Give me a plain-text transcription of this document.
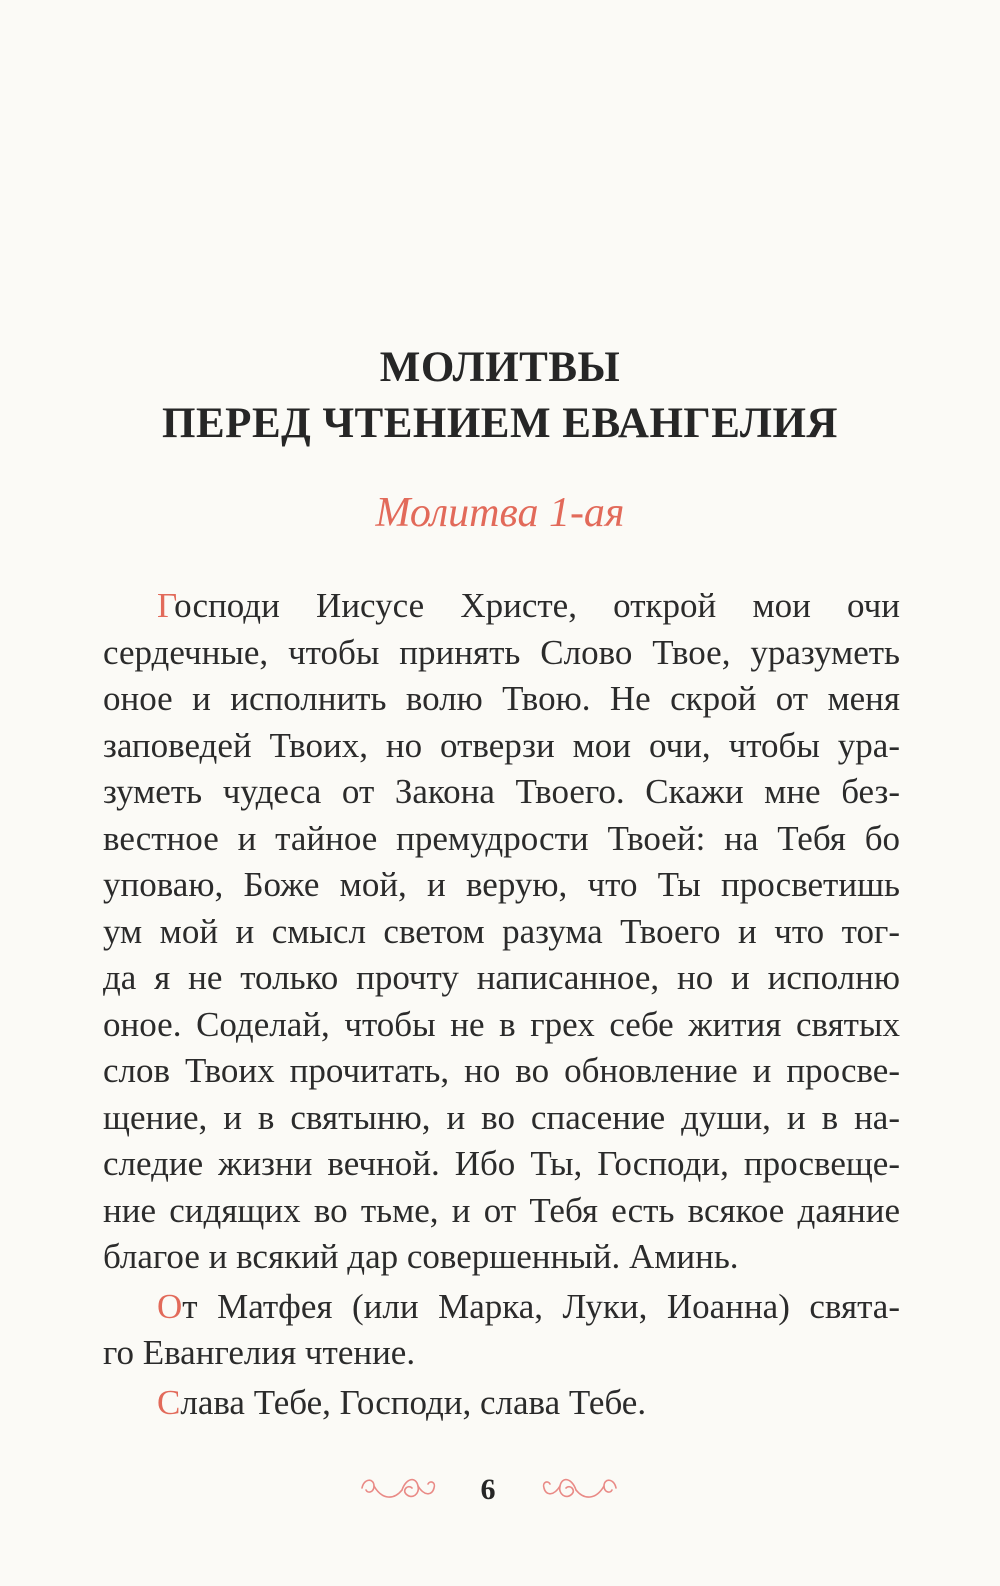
МОЛИТВЫ
ПЕРЕД ЧТЕНИЕМ ЕВАНГЕЛИЯ
Молитва 1-ая
Господи Иисусе Христе, открой мои очи
сердечные, чтобы принять Слово Твое, уразуметь
оное и исполнить волю Твою. Не скрой от меня
заповедей Твоих, но отверзи мои очи, чтобы ура-
зуметь чудеса от Закона Твоего. Скажи мне без-
вестное и тайное премудрости Твоей: на Тебя бо
уповаю, Боже мой, и верую, что Ты просветишь
ум мой и смысл светом разума Твоего и что тог-
да я не только прочту написанное, но и исполню
оное. Соделай, чтобы не в грех себе жития святых
слов Твоих прочитать, но во обновление и просве-
щение, и в святыню, и во спасение души, и в на-
следие жизни вечной. Ибо Ты, Господи, просвеще-
ние сидящих во тьме, и от Тебя есть всякое даяние
благое и всякий дар совершенный. Аминь.
От Матфея (или Марка, Луки, Иоанна) свята-
го Евангелия чтение.
Слава Тебе, Господи, слава Тебе.
6
